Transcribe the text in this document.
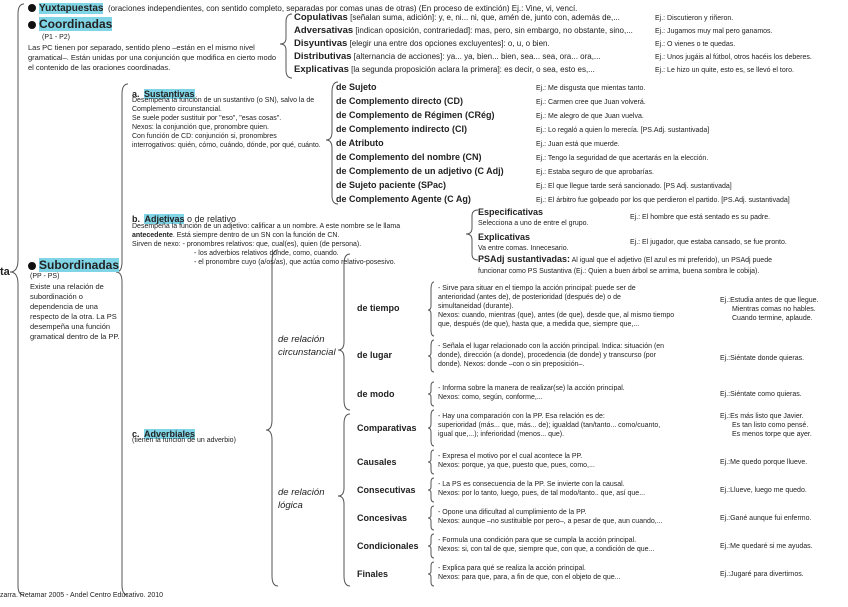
ta
Yuxtapuestas (oraciones independientes, con sentido completo, separadas por comas unas de otras) (En proceso de extinción) Ej.: Vine, vi, vencí.
Coordinadas
(P1 - P2)
Las PC tienen por separado, sentido pleno –están en el mismo nivel gramatical–. Están unidas por una conjunción que modifica en cierto modo el contenido de las oraciones coordinadas.
Copulativas [señalan suma, adición]: y, e, ni... ni, que, amén de, junto con, además de,...	Ej.: Discutieron y riñeron.
Adversativas [indican oposición, contrariedad]: mas, pero, sin embargo, no obstante, sino,...	Ej.: Jugamos muy mal pero ganamos.
Disyuntivas [elegir una entre dos opciones excluyentes]: o, u, o bien.	Ej.: O vienes o te quedas.
Distributivas [alternancia de acciones]: ya... ya, bien... bien, sea... sea, ora... ora,...	Ej.: Unos jugáis al fútbol, otros hacéis los deberes.
Explicativas [la segunda proposición aclara la primera]: es decir, o sea, esto es,...	Ej.: Le hizo un quite, esto es, se llevó el toro.
Subordinadas
(PP - PS)
Existe una relación de subordinación o dependencia de una respecto de la otra. La PS desempeña una función gramatical dentro de la PP.
a. Sustantivas
Desempeña la función de un sustantivo (o SN), salvo la de Complemento circunstancial.
Se suele poder sustituir por "eso", "esas cosas".
Nexos: la conjunción que, pronombre quien.
Con función de CD: conjunción si, pronombres interrogativos: quién, cómo, cuándo, dónde, por qué, cuánto.
de Sujeto	Ej.: Me disgusta que mientas tanto.
de Complemento directo (CD)	Ej.: Carmen cree que Juan volverá.
de Complemento de Régimen (CRég)	Ej.: Me alegro de que Juan vuelva.
de Complemento indirecto (CI)	Ej.: Lo regaló a quien lo merecía. [PS.Adj. sustantivada]
de Atributo	Ej.: Juan está que muerde.
de Complemento del nombre (CN)	Ej.: Tengo la seguridad de que acertarás en la elección.
de Complemento de un adjetivo (C Adj)	Ej.: Estaba seguro de que aprobarías.
de Sujeto paciente (SPac)	Ej.: El que llegue tarde será sancionado. [PS Adj. sustantivada]
de Complemento Agente (C Ag)	Ej.: El árbitro fue golpeado por los que perdieron el partido. [PS.Adj. sustantivada]
b. Adjetivas o de relativo
Desempeña la función de un adjetivo: calificar a un nombre. A este nombre se le llama
antecedente. Está siempre dentro de un SN con la función de CN.
Sirven de nexo: - pronombres relativos: que, cual(es), quien (de persona).
- los adverbios relativos donde, como, cuando.
- el pronombre cuyo (a/os/as), que actúa como relativo-posesivo.
Especificativas
Selecciona a uno de entre el grupo.
Ej.: El hombre que está sentado es su padre.
Explicativas
Va entre comas. Innecesario.
Ej.: El jugador, que estaba cansado, se fue pronto.
PSAdj sustantivadas: Al igual que el adjetivo (El azul es mi preferido), un PSAdj puede
funcionar como PS Sustantiva (Ej.: Quien a buen árbol se arrima, buena sombra le cobija).
c. Adverbiales
(tienen la función de un adverbio)
de relación
circunstancial
de relación
lógica
de tiempo
- Sirve para situar en el tiempo la acción principal: puede ser de
anterioridad (antes de), de posterioridad (después de) o de
simultaneidad (durante).
Nexos: cuando, mientras (que), antes (de que), desde que, al mismo tiempo
que, después (de que), hasta que, a medida que, siempre que,...
Ej.:Estudia antes de que llegue.
Mientras comas no hables.
Cuando termine, aplaude.
de lugar
- Señala el lugar relacionado con la acción principal. Indica: situación (en
donde), dirección (a donde), procedencia (de donde) y transcurso (por
donde). Nexos: donde –con o sin preposición–.
Ej.:Siéntate donde quieras.
de modo
- Informa sobre la manera de realizar(se) la acción principal.
Nexos: como, según, conforme,...	Ej.:Siéntate como quieras.
Comparativas
- Hay una comparación con la PP. Esa relación es de:
superioridad (más... que, más... de); igualdad (tan/tanto... como/cuanto,
igual que,...); inferioridad (menos... que).
Ej.:Es más listo que Javier.
Es tan listo como pensé.
Es menos torpe que ayer.
Causales
- Expresa el motivo por el cual acontece la PP.
Nexos: porque, ya que, puesto que, pues, como,...	Ej.:Me quedo porque llueve.
Consecutivas
- La PS es consecuencia de la PP. Se invierte con la causal.
Nexos: por lo tanto, luego, pues, de tal modo/tanto.. que, así que...	Ej.:Llueve, luego me quedo.
Concesivas
- Opone una dificultad al cumplimiento de la PP.
Nexos: aunque –no sustituible por pero–, a pesar de que, aun cuando,...	Ej.:Gané aunque fui enfermo.
Condicionales
- Formula una condición para que se cumpla la acción principal.
Nexos: si, con tal de que, siempre que, con que, a condición de que...	Ej.:Me quedaré si me ayudas.
Finales
- Explica para qué se realiza la acción principal.
Nexos: para que, para, a fin de que, con el objeto de que...	Ej.:Jugaré para divertirnos.
zarra. Retamar 2005 - Andel Centro Educativo. 2010
